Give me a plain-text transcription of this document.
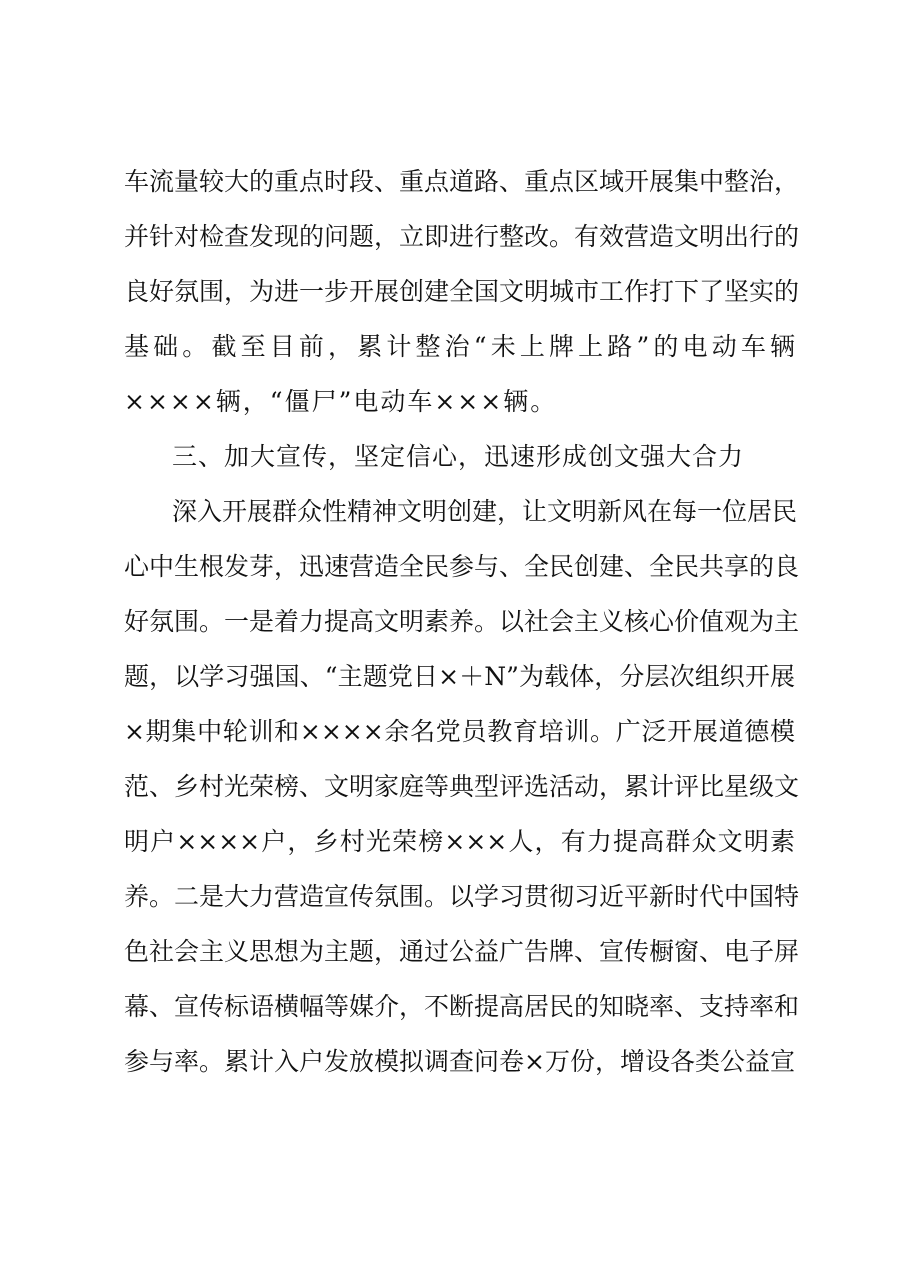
车流量较大的重点时段、重点道路、重点区域开展集中整治，
并针对检查发现的问题，立即进行整改。有效营造文明出行的
良好氛围，为进一步开展创建全国文明城市工作打下了坚实的
基础。截至目前，累计整治“未上牌上路”的电动车辆
××××辆，“僵尸”电动车×××辆。
三、加大宣传，坚定信心，迅速形成创文强大合力
深入开展群众性精神文明创建，让文明新风在每一位居民
心中生根发芽，迅速营造全民参与、全民创建、全民共享的良
好氛围。一是着力提高文明素养。以社会主义核心价值观为主
题，以学习强国、“主题党日×＋N”为载体，分层次组织开展
×期集中轮训和××××余名党员教育培训。广泛开展道德模
范、乡村光荣榜、文明家庭等典型评选活动，累计评比星级文
明户××××户，乡村光荣榜×××人，有力提高群众文明素
养。二是大力营造宣传氛围。以学习贯彻习近平新时代中国特
色社会主义思想为主题，通过公益广告牌、宣传橱窗、电子屏
幕、宣传标语横幅等媒介，不断提高居民的知晓率、支持率和
参与率。累计入户发放模拟调查问卷×万份，增设各类公益宣
